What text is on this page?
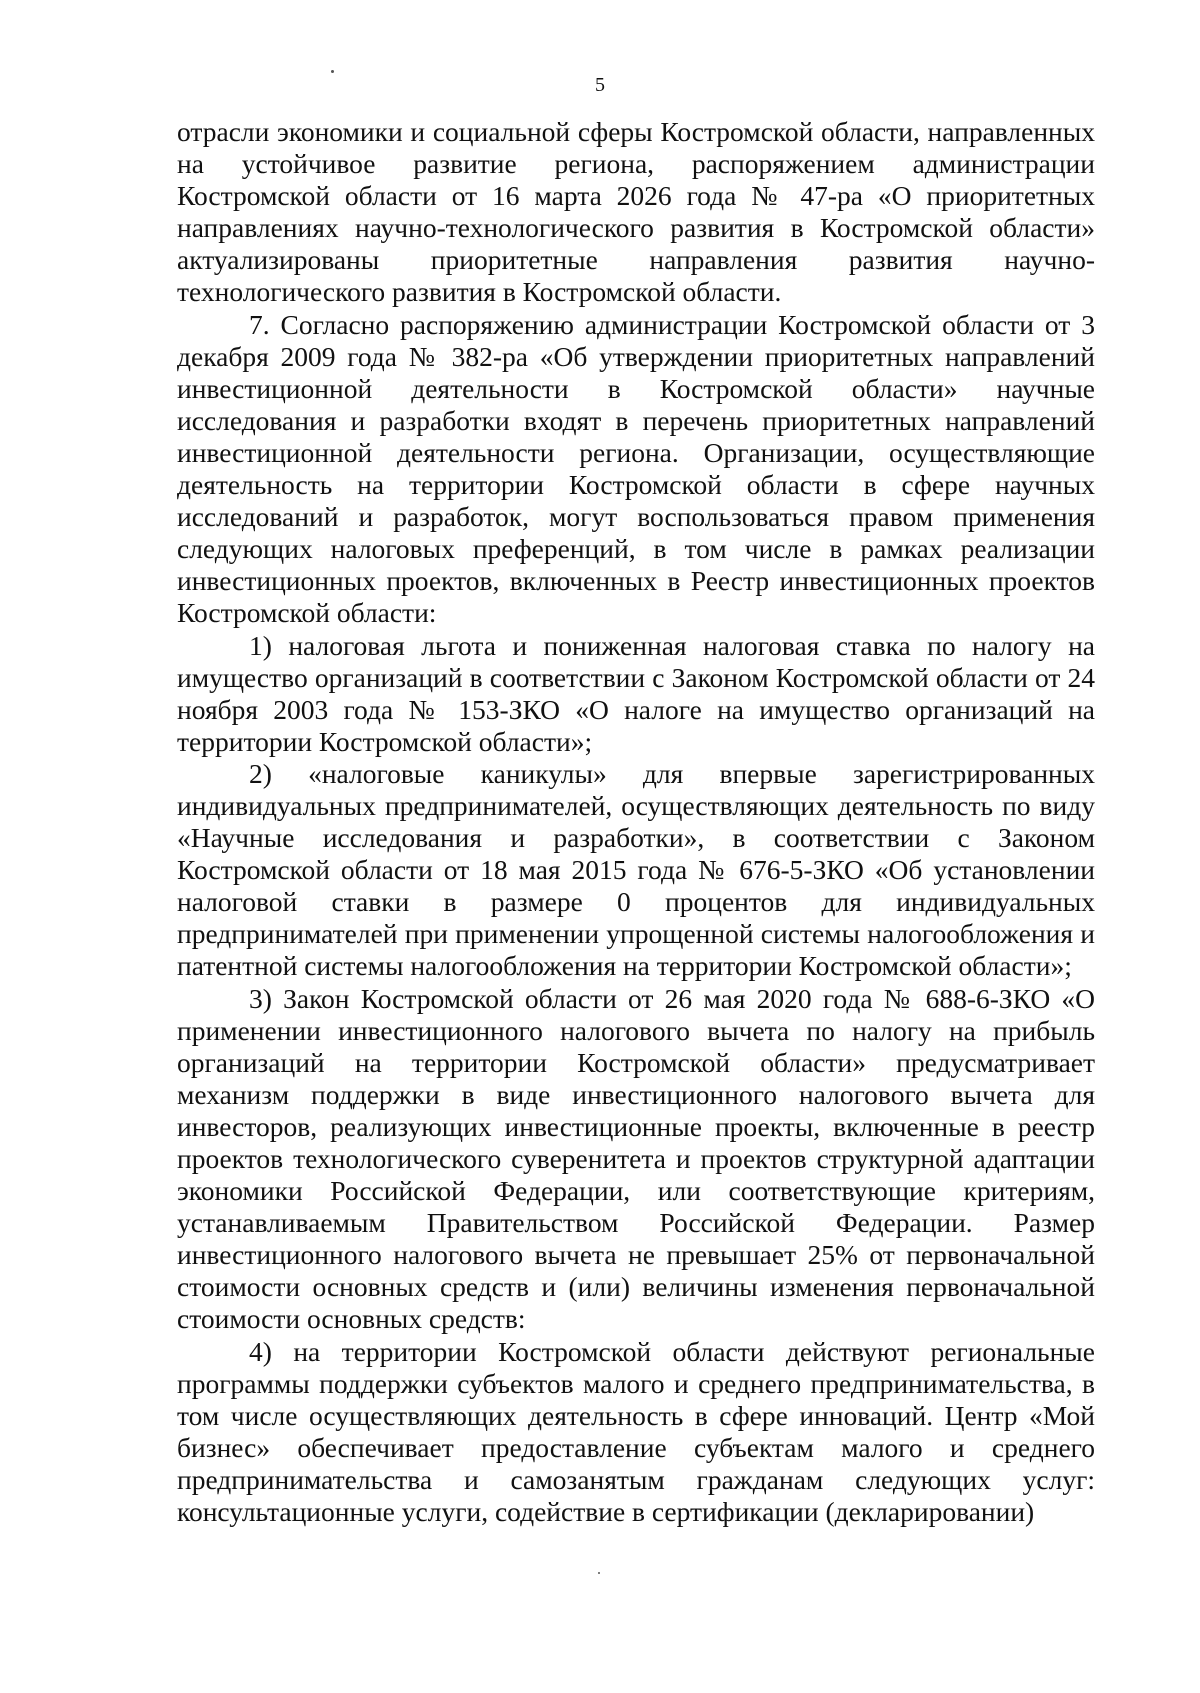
5

отрасли экономики и социальной сферы Костромской области, направленных на устойчивое развитие региона, распоряжением администрации Костромской области от 16 марта 2026 года № 47-ра «О приоритетных направлениях научно-технологического развития в Костромской области» актуализированы приоритетные направления развития научно-технологического развития в Костромской области.

7. Согласно распоряжению администрации Костромской области от 3 декабря 2009 года № 382-ра «Об утверждении приоритетных направлений инвестиционной деятельности в Костромской области» научные исследования и разработки входят в перечень приоритетных направлений инвестиционной деятельности региона. Организации, осуществляющие деятельность на территории Костромской области в сфере научных исследований и разработок, могут воспользоваться правом применения следующих налоговых преференций, в том числе в рамках реализации инвестиционных проектов, включенных в Реестр инвестиционных проектов Костромской области:

1) налоговая льгота и пониженная налоговая ставка по налогу на имущество организаций в соответствии с Законом Костромской области от 24 ноября 2003 года № 153-ЗКО «О налоге на имущество организаций на территории Костромской области»;

2) «налоговые каникулы» для впервые зарегистрированных индивидуальных предпринимателей, осуществляющих деятельность по виду «Научные исследования и разработки», в соответствии с Законом Костромской области от 18 мая 2015 года № 676-5-ЗКО «Об установлении налоговой ставки в размере 0 процентов для индивидуальных предпринимателей при применении упрощенной системы налогообложения и патентной системы налогообложения на территории Костромской области»;

3) Закон Костромской области от 26 мая 2020 года № 688-6-ЗКО «О применении инвестиционного налогового вычета по налогу на прибыль организаций на территории Костромской области» предусматривает механизм поддержки в виде инвестиционного налогового вычета для инвесторов, реализующих инвестиционные проекты, включенные в реестр проектов технологического суверенитета и проектов структурной адаптации экономики Российской Федерации, или соответствующие критериям, устанавливаемым Правительством Российской Федерации. Размер инвестиционного налогового вычета не превышает 25% от первоначальной стоимости основных средств и (или) величины изменения первоначальной стоимости основных средств:

4) на территории Костромской области действуют региональные программы поддержки субъектов малого и среднего предпринимательства, в том числе осуществляющих деятельность в сфере инноваций. Центр «Мой бизнес» обеспечивает предоставление субъектам малого и среднего предпринимательства и самозанятым гражданам следующих услуг: консультационные услуги, содействие в сертификации (декларировании)
